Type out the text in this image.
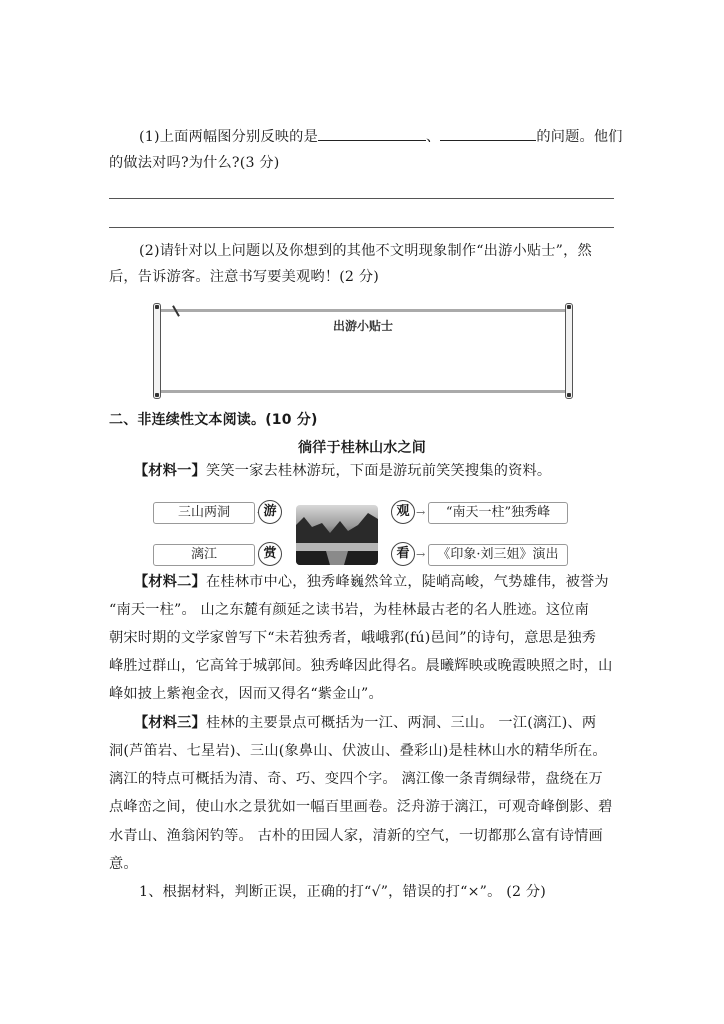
(1)上面两幅图分别反映的是	、	的问题。他们
的做法对吗?为什么?(3 分)
(2)请针对以上问题以及你想到的其他不文明现象制作“出游小贴士”，然
后，告诉游客。注意书写要美观哟！(2 分)
出游小贴士
二、非连续性文本阅读。(10 分)
徜徉于桂林山水之间
【材料一】笑笑一家去桂林游玩，下面是游玩前笑笑搜集的资料。
三山两洞	游
漓江	赏
观 →	“南天一柱”独秀峰
看 → 《印象·刘三姐》演出
【材料二】在桂林市中心，独秀峰巍然耸立，陡峭高峻，气势雄伟，被誉为
“南天一柱”。 山之东麓有颜延之读书岩，为桂林最古老的名人胜迹。这位南
朝宋时期的文学家曾写下“未若独秀者，峨峨郛(fú)邑间”的诗句，意思是独秀
峰胜过群山，它高耸于城郭间。独秀峰因此得名。晨曦辉映或晚霞映照之时，山
峰如披上紫袍金衣，因而又得名“紫金山”。
【材料三】桂林的主要景点可概括为一江、两洞、三山。 一江(漓江)、两
洞(芦笛岩、七星岩)、三山(象鼻山、伏波山、叠彩山)是桂林山水的精华所在。
漓江的特点可概括为清、奇、巧、变四个字。 漓江像一条青绸绿带，盘绕在万
点峰峦之间，使山水之景犹如一幅百里画卷。泛舟游于漓江，可观奇峰倒影、碧
水青山、渔翁闲钓等。 古朴的田园人家，清新的空气，一切都那么富有诗情画
意。
1、根据材料，判断正误，正确的打“√”，错误的打“×”。 (2 分)
